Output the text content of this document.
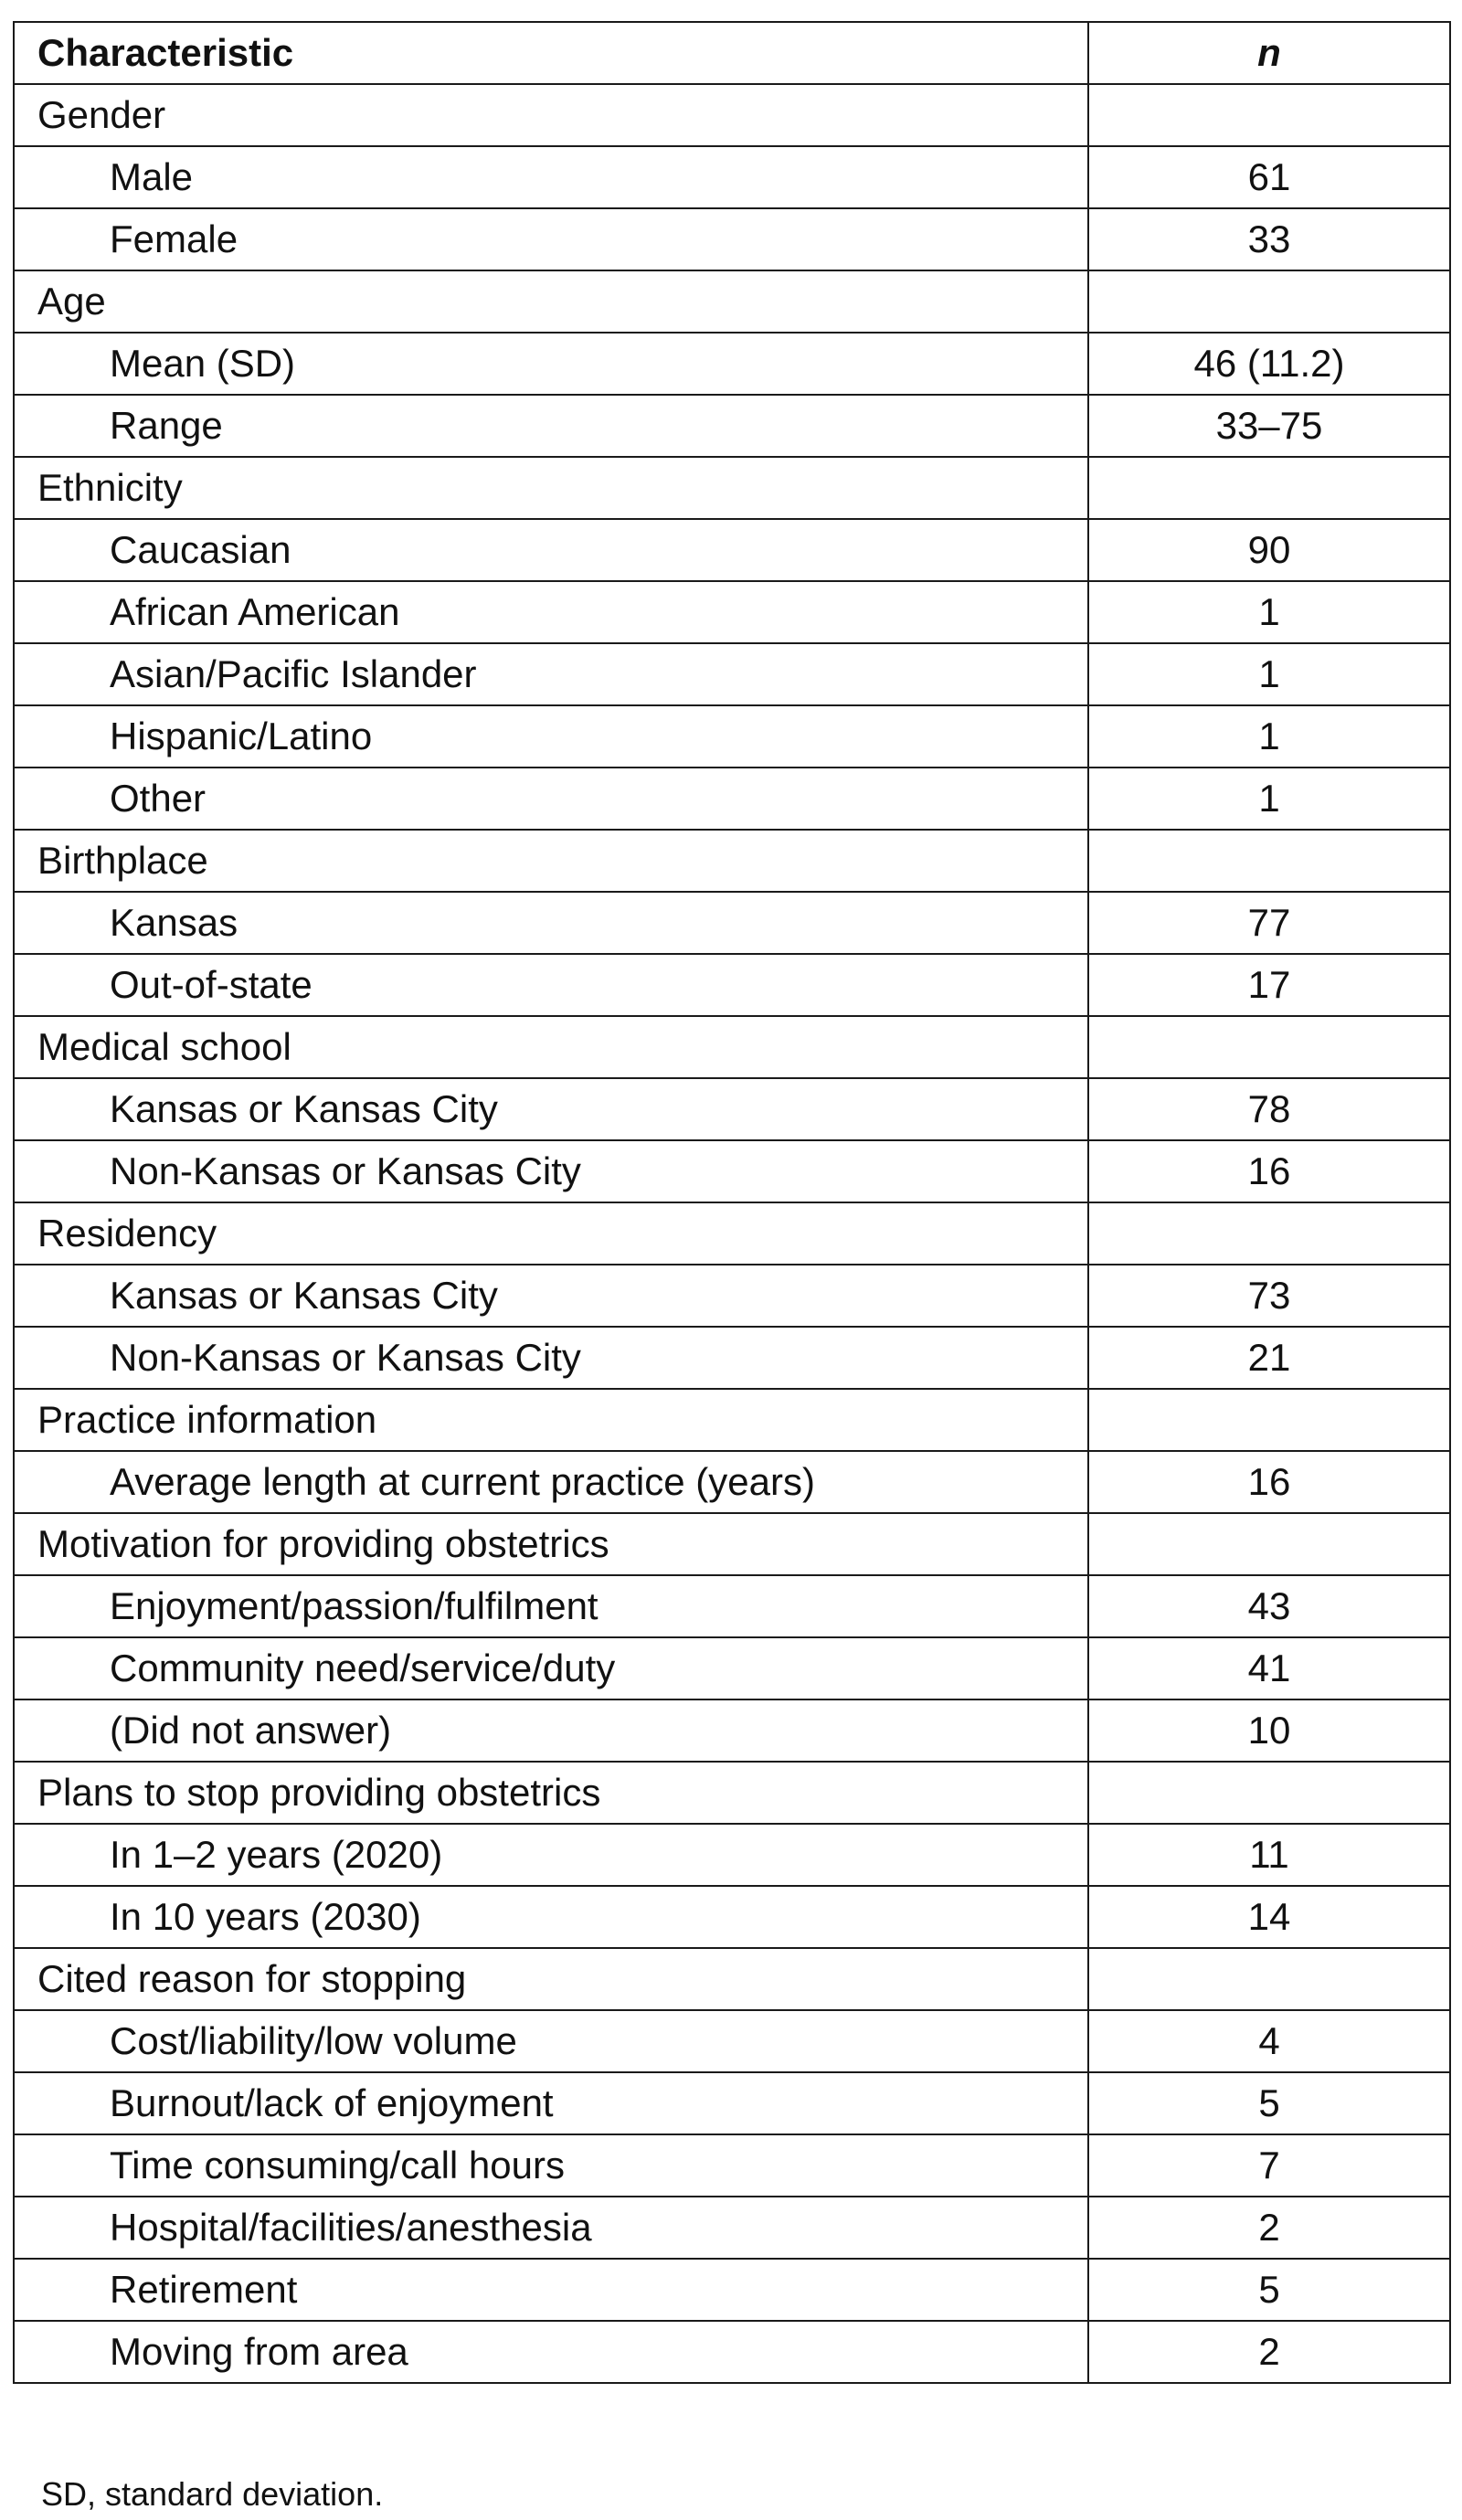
Characteristic	n
Gender	
Male	61
Female	33
Age	
Mean (SD)	46 (11.2)
Range	33–75
Ethnicity	
Caucasian	90
African American	1
Asian/Pacific Islander	1
Hispanic/Latino	1
Other	1
Birthplace	
Kansas	77
Out-of-state	17
Medical school	
Kansas or Kansas City	78
Non-Kansas or Kansas City	16
Residency	
Kansas or Kansas City	73
Non-Kansas or Kansas City	21
Practice information	
Average length at current practice (years)	16
Motivation for providing obstetrics	
Enjoyment/passion/fulfilment	43
Community need/service/duty	41
(Did not answer)	10
Plans to stop providing obstetrics	
In 1–2 years (2020)	11
In 10 years (2030)	14
Cited reason for stopping	
Cost/liability/low volume	4
Burnout/lack of enjoyment	5
Time consuming/call hours	7
Hospital/facilities/anesthesia	2
Retirement	5
Moving from area	2
SD, standard deviation.
